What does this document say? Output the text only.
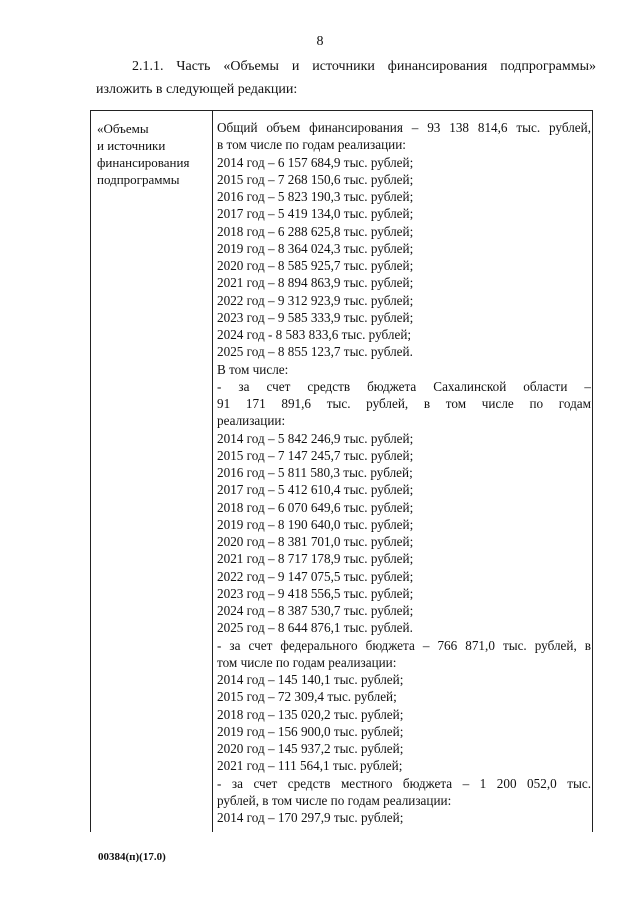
8
2.1.1. Часть «Объемы и источники финансирования подпрограммы»
изложить в следующей редакции:
«Объемы
и источники
финансирования
подпрограммы
Общий объем финансирования – 93 138 814,6 тыс. рублей,
в том числе по годам реализации:
2014 год – 6 157 684,9 тыс. рублей;
2015 год – 7 268 150,6 тыс. рублей;
2016 год – 5 823 190,3 тыс. рублей;
2017 год – 5 419 134,0 тыс. рублей;
2018 год – 6 288 625,8 тыс. рублей;
2019 год – 8 364 024,3 тыс. рублей;
2020 год – 8 585 925,7 тыс. рублей;
2021 год – 8 894 863,9 тыс. рублей;
2022 год – 9 312 923,9 тыс. рублей;
2023 год – 9 585 333,9 тыс. рублей;
2024 год - 8 583 833,6 тыс. рублей;
2025 год – 8 855 123,7 тыс. рублей.
В том числе:
- за счет средств бюджета Сахалинской области –
91 171 891,6 тыс. рублей, в том числе по годам
реализации:
2014 год – 5 842 246,9 тыс. рублей;
2015 год – 7 147 245,7 тыс. рублей;
2016 год – 5 811 580,3 тыс. рублей;
2017 год – 5 412 610,4 тыс. рублей;
2018 год – 6 070 649,6 тыс. рублей;
2019 год – 8 190 640,0 тыс. рублей;
2020 год – 8 381 701,0 тыс. рублей;
2021 год – 8 717 178,9 тыс. рублей;
2022 год – 9 147 075,5 тыс. рублей;
2023 год – 9 418 556,5 тыс. рублей;
2024 год – 8 387 530,7 тыс. рублей;
2025 год – 8 644 876,1 тыс. рублей.
- за счет федерального бюджета – 766 871,0 тыс. рублей, в
том числе по годам реализации:
2014 год – 145 140,1 тыс. рублей;
2015 год – 72 309,4 тыс. рублей;
2018 год – 135 020,2 тыс. рублей;
2019 год – 156 900,0 тыс. рублей;
2020 год – 145 937,2 тыс. рублей;
2021 год – 111 564,1 тыс. рублей;
- за счет средств местного бюджета – 1 200 052,0 тыс.
рублей, в том числе по годам реализации:
2014 год – 170 297,9 тыс. рублей;
00384(п)(17.0)
